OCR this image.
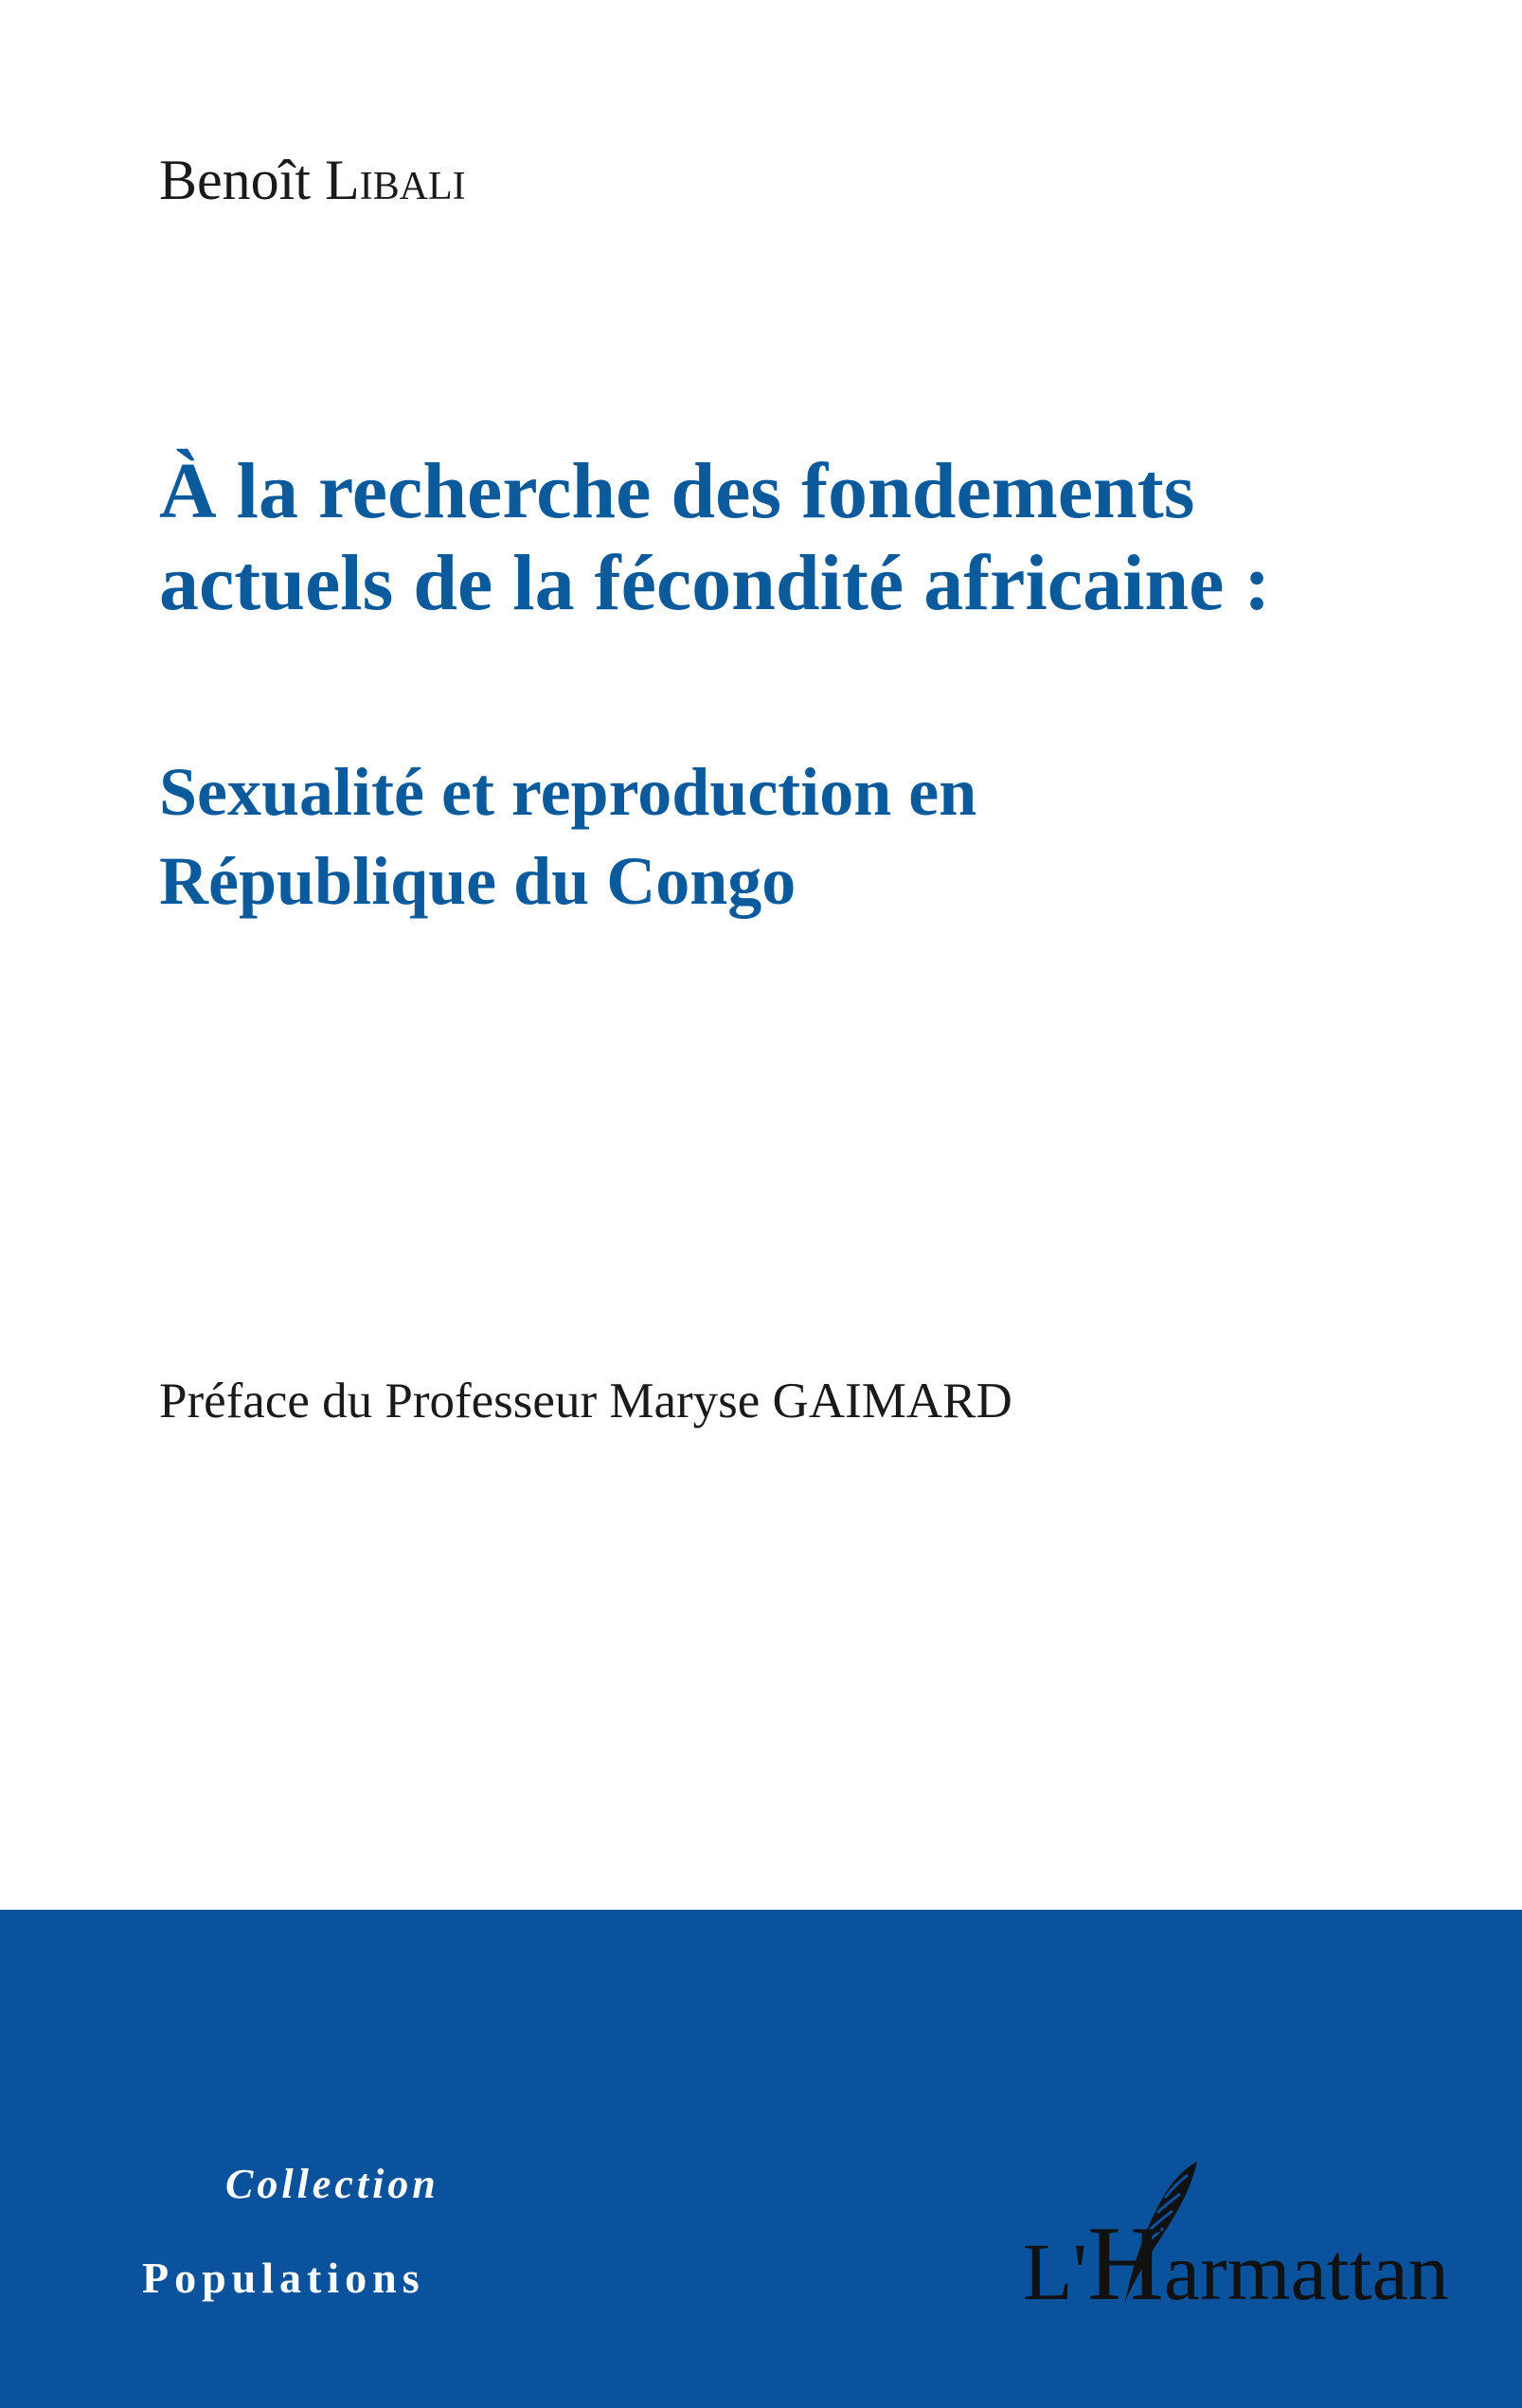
Benoît Libali
À la recherche des fondements
actuels de la fécondité africaine :
Sexualité et reproduction en
République du Congo
Préface du Professeur Maryse GAIMARD
Collection
Populations	L'Harmattan
